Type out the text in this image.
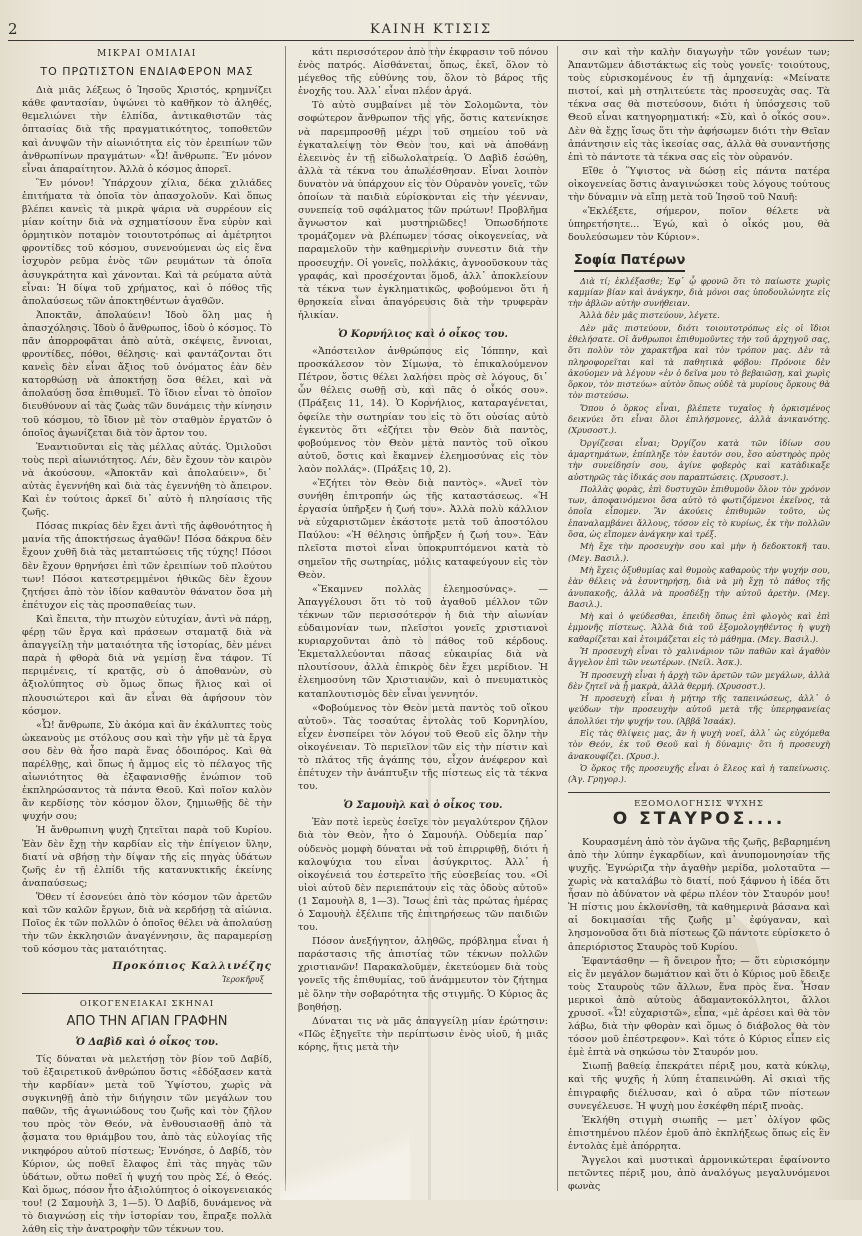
2	ΚΑΙΝΗ ΚΤΙΣΙΣ
ΜΙΚΡΑΙ ΟΜΙΛΙΑΙ
ΤΟ ΠΡΩΤΙΣΤΟΝ ΕΝΔΙΑΦΕΡΟΝ ΜΑΣ

Διὰ μιᾶς λέξεως ὁ Ἰησοῦς Χριστός, κρημνίζει κάθε φαντασίαν, ὑψώνει τὸ καθῆκον τὸ ἀληθές, θεμελιώνει τὴν ἐλπίδα, ἀντικαθιστῶν τὰς ὀπτασίας διὰ τῆς πραγματικότητος, τοποθετῶν καὶ ἀνυψῶν τὴν αἰωνιότητα εἰς τὸν ἐρειπίων τῶν ἀνθρωπίνων πραγμάτων· «Ὦ! ἄνθρωπε. Ἓν μόνον εἶναι ἀπαραίτητον. Ἀλλὰ ὁ κόσμος ἀπορεῖ.

Ἓν μόνον! Ὑπάρχουν χίλια, δέκα χιλιάδες ἐπιτήματα τὰ ὁποῖα τὸν ἀπασχολοῦν. Καὶ ὅπως βλέπει κανεὶς τὰ μικρὰ ψάρια νὰ συρρέουν εἰς μίαν κοίτην διὰ νὰ σχηματίσουν ἕνα εὐρὺν καὶ ὁρμητικὸν ποταμὸν τοιουτοτρόπως αἱ ἀμέτρητοι φροντίδες τοῦ κόσμου, συνενούμεναι ὡς εἰς ἕνα ἰσχυρὸν ρεῦμα ἑνὸς τῶν ρευμάτων τὰ ὁποῖα ἀσυγκράτητα καὶ χάνονται. Καὶ τὰ ρεύματα αὐτὰ εἶναι: Ἡ δίψα τοῦ χρήματος, καὶ ὁ πόθος τῆς ἀπολαύσεως τῶν ἀποκτηθέντων ἀγαθῶν.

Ἀποκτᾶν, ἀπολαύειν! Ἰδοὺ ὅλη μας ἡ ἀπασχόλησις. Ἰδοὺ ὁ ἄνθρωπος, ἰδοὺ ὁ κόσμος. Τὸ πᾶν ἀπορροφᾶται ἀπὸ αὐτὰ, σκέψεις, ἔννοιαι, φροντίδες, πόθοι, θέλησις· καὶ φαντάζονται ὅτι κανεὶς δὲν εἶναι ἄξιος τοῦ ὀνόματος ἐὰν δὲν κατορθώσῃ νὰ ἀποκτήσῃ ὅσα θέλει, καὶ νὰ ἀπολαύσῃ ὅσα ἐπιθυμεῖ. Τὸ ἴδιον εἶναι τὸ ὁποῖον διευθύνουν αἱ τὰς ζωὰς τῶν δυνάμεις τὴν κίνησιν τοῦ κόσμου, τὸ ἴδιον μὲ τὸν σταθμὸν ἐργατῶν ὁ ὁποῖος ἀγωνίζεται διὰ τὸν ἄρτον του.

Ἐναντιοῦνται εἰς τὰς μέλλας αὐτάς. Ὁμιλοῦσι τοὺς περὶ αἰωνιότητος. Λέν, δὲν ἔχουν τὸν καιρὸν νὰ ἀκούσουν. «Ἀποκτᾶν καὶ ἀπολαύειν», δι᾽ αὐτὰς ἐγεννήθη καὶ διὰ τὰς ἐγεννήθη τὸ ἄπειρον. Καὶ ἐν τούτοις ἀρκεῖ δι᾽ αὐτὸ ἡ πλησίασις τῆς ζωῆς.

Πόσας πικρίας δὲν ἔχει ἀντὶ τῆς ἀφθονότητος ἡ μανία τῆς ἀποκτήσεως ἀγαθῶν! Πόσα δάκρυα δὲν ἔχουν χυθῆ διὰ τὰς μεταπτώσεις τῆς τύχης! Πόσοι δὲν ἔχουν θρηνήσει ἐπὶ τῶν ἐρειπίων τοῦ πλούτου των! Πόσοι κατεστρεμμένοι ἠθικῶς δὲν ἔχουν ζητήσει ἀπὸ τὸν ἰδίον καθαυτὸν θάνατον ὅσα μὴ ἐπέτυχον εἰς τὰς προσπαθείας των.

Καὶ ἔπειτα, τὴν πτωχὸν εὐτυχίαν, ἀντὶ νὰ πάρῃ, φέρῃ τῶν ἔργα καὶ πράσεων σταματᾷ διὰ νὰ ἀπαγγείλῃ τὴν ματαιότητα τῆς ἱστορίας, δὲν μένει παρὰ ἡ φθορὰ διὰ νὰ γεμίσῃ ἕνα τάφον. Τί περιμένεις, τί κρατᾷς, σὺ ὁ ἀποθανὼν, σὺ ἀξιολύπητος σὺ ὅμως ὅπως ἥλιος καὶ οἱ πλουσιώτεροι καὶ ἂν εἶναι θὰ ἀφήσουν τὸν κόσμον.

«Ὦ! ἄνθρωπε, Σὺ ἀκόμα καὶ ἂν ἐκάλυπτες τοὺς ὠκεανοὺς με στόλους σου καὶ τὴν γῆν μὲ τὰ ἔργα σου δὲν θὰ ἦσο παρὰ ἕνας ὁδοιπόρος. Καὶ θὰ παρέλθῃς, καὶ ὅπως ἡ ἄμμος εἰς τὸ πέλαγος τῆς αἰωνιότητος θὰ ἐξαφανισθῇς ἐνώπιον τοῦ ἐκπληρώσαντος τὰ πάντα Θεοῦ. Καὶ ποῖον καλὸν ἂν κερδίσῃς τὸν κόσμον ὅλον, ζημιωθῇς δὲ τὴν ψυχήν σου;

Ἡ ἄνθρωπινη ψυχὴ ζητεῖται παρὰ τοῦ Κυρίου. Ἐὰν δὲν ἔχῃ τὴν καρδίαν εἰς τὴν ἐπίγειον ὕλην, διατί νὰ σβήσῃ τὴν δίψαν τῆς εἰς πηγὰς ὑδάτων ζωῆς ἐν τῇ ἐλπίδι τῆς κατανυκτικῆς ἐκείνης ἀναπαύσεως;

Ὅθεν τί ἐσονεύει ἀπὸ τὸν κόσμον τῶν ἀρετῶν καὶ τῶν καλῶν ἔργων, διὰ νὰ κερδήσῃ τὰ αἰώνια. Ποῖος ἐκ τῶν πολλῶν ὁ ὁποῖος θέλει νὰ ἀπολαύσῃ τὴν τῶν ἐκκλησιῶν ἀναγέννησιν, ἂς παραμερίσῃ τοῦ κόσμου τὰς ματαιότητας.

Προκόπιος Καλλινέζης
Ἱεροκῆρυξ
ΟΙΚΟΓΕΝΕΙΑΚΑΙ ΣΚΗΝΑΙ
ΑΠΟ ΤΗΝ ΑΓΙΑΝ ΓΡΑΦΗΝ
Ὁ Δαβὶδ καὶ ὁ οἶκος του.

Τίς δύναται νὰ μελετήσῃ τὸν βίον τοῦ Δαβίδ, τοῦ ἐξαιρετικοῦ ἀνθρώπου ὅστις «ἐδόξασεν κατὰ τὴν καρδίαν» μετὰ τοῦ Ὑψίστου, χωρὶς νὰ συγκινηθῇ ἀπὸ τὴν διήγησιν τῶν μεγάλων του παθῶν, τῆς ἀγωνιώδους του ζωῆς καὶ τὸν ζῆλον του πρὸς τὸν Θεόν, νὰ ἐνθουσιασθῇ ἀπὸ τὰ ᾄσματα του θριάμβου του, ἀπὸ τὰς εὐλογίας τῆς νικηφόρου αὐτοῦ πίστεως; Ἐννόησε, ὁ Δαβίδ, τὸν Κύριον, ὡς ποθεῖ ἔλαφος ἐπὶ τὰς πηγὰς τῶν ὑδάτων, οὕτω ποθεῖ ἡ ψυχή του πρὸς Σέ, ὁ Θεός. Καὶ ὅμως, πόσον ἦτο ἀξιολύπητος ὁ οἰκογενειακός του! (2 Σαμουὴλ 3, 1—5). Ὁ Δαβίδ, δυνάμενος νὰ τὸ διαγνώσῃ εἰς τὴν ἱστορίαν του, ἔπραξε πολλὰ λάθη εἰς τὴν ἀνατροφὴν τῶν τέκνων του.

κάτι περισσότερον ἀπὸ τὴν ἐκφρασιν τοῦ πόνου ἑνὸς πατρός. Αἰσθάνεται, ὅπως, ἐκεῖ, ὅλον τὸ μέγεθος τῆς εὐθύνης του, ὅλον τὸ βάρος τῆς ἐνοχῆς του. Ἀλλ᾽ εἶναι πλέον ἀργά.

Τὸ αὐτὸ συμβαίνει μὲ τὸν Σολομῶντα, τὸν σοφώτερον ἄνθρωπον τῆς γῆς, ὅστις κατενίκησε νὰ παρεμπροσθῇ μέχρι τοῦ σημείου τοῦ νὰ ἐγκαταλείψῃ τὸν Θεὸν του, καὶ νὰ ἀποθάνῃ ἐλεεινὸς ἐν τῇ εἰδωλολατρείᾳ. Ὁ Δαβὶδ ἐσώθη, ἀλλὰ τὰ τέκνα του ἀπωλέσθησαν. Εἶναι λοιπὸν δυνατὸν νὰ ὑπάρχουν εἰς τὸν Οὐρανὸν γονεῖς, τῶν ὁποίων τὰ παιδιὰ εὑρίσκονται εἰς τὴν γέενναν, συνεπείᾳ τοῦ σφάλματος τῶν πρώτων! Προβλῆμα ἄγνωστον καὶ μυστηριῶδες! Ὁπωσδήποτε τρομάζομεν νὰ βλέπωμεν τόσας οἰκογενείας, νὰ παραμελοῦν τὴν καθημερινὴν συνεστιν διὰ τὴν προσευχήν. Οἱ γονεῖς, πολλάκις, ἀγνοοῦσκουν τὰς γραφάς, καὶ προσέχονται ὅμοδ, ἀλλ᾽ ἀποκλείουν τὰ τέκνα των ἐγκληματικῶς, φοβούμενοι ὅτι ἡ θρησκεία εἶναι ἀπαγόρευσις διὰ τὴν τρυφερὰν ἡλικίαν.

Ὁ Κορνήλιος καὶ ὁ οἶκος του.

«Ἀπόστειλον ἀνθρώπους εἰς Ἰόππην, καὶ προσκάλεσον τὸν Σίμωνα, τὸ ἐπικαλούμενον Πέτρον, ὅστις θέλει λαλήσει πρὸς σὲ λόγους, δι᾽ ὧν θέλεις σωθῇ σὺ, καὶ πᾶς ὁ οἶκός σου». (Πράξεις 11, 14). Ὁ Κορνήλιος, καταραγένεται, ὀφείλε τὴν σωτηρίαν του εἰς τὸ ὅτι οὐσίας αὐτὸ ἐγκεντὸς ὅτι «ἐζήτει τὸν Θεὸν διὰ παντὸς, φοβούμενος τὸν Θεὸν μετὰ παντὸς τοῦ οἴκου αὐτοῦ, ὅστις καὶ ἔκαμνεν ἐλεημοσύνας εἰς τὸν λαὸν πολλάς». (Πράξεις 10, 2).

«Ἐζήτει τὸν Θεὸν διὰ παντὸς». «Ἀνεῖ τὸν συνήθη ἐπιτροπήν ὡς τῆς καταστάσεως. «Ἡ ἐργασία ὑπῆρξεν ἡ ζωή του». Ἀλλὰ πολὺ κάλλιον νὰ εὐχαριστῶμεν ἐκάστοτε μετὰ τοῦ ἀποστόλου Παύλου: «Ἡ θέλησις ὑπῆρξεν ἡ ζωή του». Ἐὰν πλεῖστα πιστοὶ εἶναι ὑποκρυπτόμενοι κατὰ τὸ σημεῖον τῆς σωτηρίας, μόλις καταφεύγουν εἰς τὸν Θεὸν.

«Ἔκαμνεν πολλὰς ἐλεημοσύνας». — Ἀπαγγέλουσι ὅτι τὸ τοῦ ἀγαθοῦ μέλλον τῶν τέκνων τῶν περισσότερον ἡ διὰ τὴν αἰωνίαν εὐδαιμονίαν των, πλεῖστοι γονεῖς χριστιανοὶ κυριαρχοῦνται ἀπὸ τὸ πάθος τοῦ κέρδους. Ἐκμεταλλεύονται πᾶσας εὐκαιρίας διὰ νὰ πλουτίσουν, ἀλλὰ ἐπικρὸς δὲν ἔχει μερίδιον. Ἡ ἐλεημοσύνη τῶν Χριστιανῶν, καὶ ὁ πνευματικὸς καταπλουτισμὸς δὲν εἶναι γεννητόν.

«Φοβούμενος τὸν Θεὸν μετὰ παντὸς τοῦ οἴκου αὐτοῦ». Τὰς τοσαύτας ἐντολὰς τοῦ Κορνηλίου, εἶχεν ἐνσπείρει τὸν λόγον τοῦ Θεοῦ εἰς ὅλην τὴν οἰκογένειαν. Τὸ περιεῖλον τῶν εἰς τὴν πίστιν καὶ τὸ πλάτος τῆς ἀγάπης του, εἶχον ἀνέφερον καὶ ἐπέτυχεν τὴν ἀνάπτυξιν τῆς πίστεως εἰς τὰ τέκνα του.

Ὁ Σαμουὴλ καὶ ὁ οἶκος του.

Ἐὰν ποτὲ ἱερεὺς ἐσεῖχε τὸν μεγαλύτερον ζῆλον διὰ τὸν Θεὸν, ἦτο ὁ Σαμουήλ. Οὐδεμία παρ᾽ οὐδενὸς μομφὴ δύναται νὰ τοῦ ἐπιρριφθῇ, διότι ἡ καλοψύχια του εἶναι ἀσύγκριτος. Ἀλλ᾽ ἡ οἰκογένειά του ἐστερεῖτο τῆς εὐσεβείας του. «Οἱ υἱοὶ αὐτοῦ δὲν περιεπάτουν εἰς τὰς ὁδοὺς αὐτοῦ» (1 Σαμουὴλ 8, 1—3). Ἴσως ἐπὶ τὰς πρώτας ἡμέρας ὁ Σαμουὴλ ἐξέλιπε τῆς ἐπιτηρήσεως τῶν παιδιῶν του.

Πόσον ἀνεξήγητον, ἀληθῶς, πρόβλημα εἶναι ἡ παράστασις τῆς ἀπιστίας τῶν τέκνων πολλῶν χριστιανῶν! Παρακαλοῦμεν, ἐκετεύομεν διὰ τοὺς γονεῖς τῆς ἐπιθυμίας, τοῦ ἀνάμμευτον τὸν ζήτημα μὲ ὅλην τὴν σοβαρότητα τῆς στιγμῆς. Ὁ Κύριος ἂς βοηθήσῃ.

Δύναται τις νὰ μᾶς ἀπαγγείλῃ μίαν ἐρώτησιν: «Πῶς ἐξηγεῖτε τὴν περίπτωσιν ἐνὸς υἱοῦ, ἡ μιᾶς κόρης, ἥτις μετὰ τὴν

σιν καὶ τὴν καλὴν διαγωγὴν τῶν γονέων των; Ἀπαντῶμεν ἀδιστάκτως εἰς τοὺς γονεῖς· τοιούτους, τοὺς εὑρισκομένους ἐν τῇ ἀμηχανίᾳ: «Μείνατε πιστοί, καὶ μὴ στηλιτεύετε τὰς προσευχὰς σας. Τὰ τέκνα σας θὰ πιστεύσουν, διότι ἡ ὑπόσχεσις τοῦ Θεοῦ εἶναι κατηγορηματική: «Σὺ, καὶ ὁ οἶκός σου». Δὲν θὰ ἔχῃς ἴσως ὅτι τὴν ἀφήσωμεν διότι τὴν Θεῖαν ἀπάντησιν εἰς τὰς ἱκεσίας σας, ἀλλὰ θὰ συναντήσῃς ἐπὶ τὸ πάντοτε τὰ τέκνα σας εἰς τὸν οὐρανόν.

Εἴθε ὁ Ὕψιστος νὰ δώσῃ εἰς πάντα πατέρα οἰκογενείας ὅστις ἀναγινώσκει τοὺς λόγους τούτους τὴν δύναμιν νὰ εἴπῃ μετὰ τοῦ Ἰησοῦ τοῦ Ναυῆ:

«Ἐκλέξετε, σήμερον, ποῖον θέλετε νὰ ὑπηρετήσητε... Ἐγώ, καὶ ὁ οἶκός μου, θὰ δουλεύσωμεν τὸν Κύριον».

Σοφία Πατέρων

Διὰ τί; ἐκλέξασθε; Ἐφ᾽ ᾧ φρονῶ ὅτι τὸ παίωστε χωρὶς καμμίαν βίαν καὶ ἀνάγκην, διὰ μόνοι σας ὑποδουλώνητε εἰς τὴν ἁβλῶν αὐτὴν συνήθειαν.

Ἀλλὰ δὲν μᾶς πιστεύουν, λέγετε.

Δὲν μᾶς πιστεύουν, διότι τοιουτοτρόπως εἰς οἱ ἴδιοι ἐθελήσατε. Οἱ ἄνθρωποι ἐπιθυμοῦντες τὴν τοῦ ἀρχηγοῦ σας, ὅτι πολὺν τὸν χαρακτῆρα καὶ τὸν τρόπον μας. Δὲν τὰ πληροφορεῖται καὶ τὰ παθητικὰ φόβου: Πρόνοιε δὲν ἀκούομεν νὰ λέγουν «ἐν ὁ δεῖνα μου τὸ βεβαιῶσῃ, καὶ χωρὶς ὅρκον, τὸν πιστεύω» αὐτὸν ὅπως οὐδὲ τὰ μυρίους ὅρκους θὰ τὸν πιστεύσω.

Ὅπου ὁ ὅρκος εἶναι, βλέπετε τυχαῖος ἡ ὁρκισμένος δεικνύει ὅτι εἶναι ὅλοι ἐπιλήσμονες, ἀλλὰ ἀνικανότης. (Χρυσοστ.).

Ὀργίζεσαι εἶναι; Ὀργίζου κατὰ τῶν ἰδίων σου ἁμαρτημάτων, ἐπίπληξε τὸν ἑαυτόν σου, ἔσο αὐστηρὸς πρὸς τὴν συνείδησίν σου, ἀγίνε φοβερὸς καὶ κατὰδικαξε αὐστηρῶς τὰς ἰδικάς σου παραπτώσεις. (Χρυσοστ.).

Πολλὰς φορὰς, ἐπὶ δυστυχῶν ἐπιθυμοῦν ὅλον τὸν χρόνον των, ἀποφαινόμενοι ὅσα αὐτὸ τὸ φωτιζόμενοι ἐκεῖνος, τὰ ὁποῖα εἶπομεν. Ἂν ἀκούεις ἐπιθυμῶν τοῦτο, ὡς ἐπαναλαμβάνει ἄλλους, τόσον εἰς τὸ κυρίως, ἐκ τὴν πολλῶν ὅσα, ὡς εἴπομεν ἀνάγκην καὶ τρέξ.

Μὴ ἔχε τὴν προσευχὴν σου καὶ μὴν ἡ δεδοκτοκῆ ταυ. (Μεγ. Βασιλ.).

Μὴ ἔχεις ὀξυθυμίας καὶ θυμοὺς καθαροὺς τὴν ψυχήν σου, ἐὰν θέλεις νὰ ἐσυντηρήσῃ, διὰ νὰ μὴ ἔχῃ τὸ πάθος τῆς ἀνυπακοῆς, ἀλλὰ νὰ προσδέξῃ τὴν αὐτοῦ ἀρετὴν. (Μεγ. Βασιλ.).

Μὴ καὶ ὁ ψεύδεσθαι, ἐπειδὴ ὅπως ἐπὶ φλογὸς καὶ ἐπὶ ἐμμονῆς πίστεως. Ἀλλὰ διὰ τοῦ ἐξομολογηθέντος ἡ ψυχὴ καθαρίζεται καὶ ἑτοιμάζεται εἰς τὸ μάθημα. (Μεγ. Βασιλ.).

Ἡ προσευχὴ εἶναι τὸ χαλινάριον τῶν παθῶν καὶ ἀγαθὸν ἄγγελον ἐπὶ τῶν νεωτέρων. (Νείλ. Ἀσκ.).

Ἡ προσευχὴ εἶναι ἡ ἀρχὴ τῶν ἀρετῶν τῶν μεγάλων, ἀλλὰ δὲν ζητεῖ νὰ ᾖ μακρὰ, ἀλλὰ θερμή. (Χρυσοστ.).

Ἡ προσευχὴ εἶναι ἡ μήτηρ τῆς ταπεινώσεως, ἀλλ᾽ ὁ ψεύδων τὴν προσευχὴν αὐτοῦ μετὰ τῆς ὑπερηφανείας ἀπολλύει τὴν ψυχήν του. (Ἀββᾶ Ἰσαάκ).

Εἰς τὰς θλίψεις μας, ἂν ἡ ψυχὴ νοεῖ, ἀλλ᾽ ὡς εὐχόμεθα τὸν Θεόν, ἐκ τοῦ Θεοῦ καὶ ἡ δύναμις· ὅτι ἡ προσευχὴ ἀνακουφίζει. (Χρυσ.).

Ὁ ὅρκος τῆς προσευχῆς εἶναι ὁ ἔλεος καὶ ἡ ταπείνωσις. (Ἀγ. Γρηγορ.).

ΕΞΟΜΟΛΟΓΗΣΙΣ ΨΥΧΗΣ
Ο ΣΤΑΥΡΟΣ....

Κουρασμένη ἀπὸ τὸν ἀγῶνα τῆς ζωῆς, βεβαρημένη ἀπὸ τὴν λύπην ἐγκαρδίων, καὶ ἀνυπομονησίαν τῆς ψυχῆς. Ἐγνώριζα τὴν ἀγαθὴν μερίδα, μολοταῦτα — χωρὶς νὰ καταλάβω τὸ διατί, πού ξάφνου ἡ ἰδέα ὅτι ἦσαν πὸ ἀδύνατον νὰ φέρω πλέον τὸν Σταυρόν μου! Ἡ πίστις μου ἐκλονίσθη, τὰ καθημερινὰ βάσανα καὶ αἱ δοκιμασίαι τῆς ζωῆς μ᾽ ἐφύγαναν, καὶ λησμονοῦσα ὅτι διὰ πίστεως ζῶ πάντοτε εὑρίσκετο ὁ ἀπεριόριστος Σταυρὸς τοῦ Κυρίου.

Ἐφαντάσθην — ἢ ὄνειρον ἦτο; — ὅτι εὑρισκόμην εἰς ἕν μεγάλον δωμάτιον καὶ ὅτι ὁ Κύριος μοῦ ἔδειξε τοὺς Σταυροὺς τῶν ἄλλων, ἕνα πρὸς ἕνα. Ἦσαν μερικοὶ ἀπὸ αὐτοὺς ἀδαμαντοκόλλητοι, ἄλλοι χρυσοῖ. «Ὦ! εὐχαριστῶ», εἶπα, «μὲ ἀρέσει καὶ θὰ τὸν λάβω, διὰ τὴν φθορὰν καὶ ὅμως ὁ διάβολος θὰ τὸν τόσον μοῦ ἐπέστρεφον». Καὶ τότε ὁ Κύριος εἶπεν εἰς ἐμὲ ἑπτὰ νὰ σηκώσω τὸν Σταυρόν μου.

Σιωπῇ βαθείᾳ ἐπεκράτει πέριξ μου, κατὰ κύκλῳ, καὶ τῆς ψυχῆς ἡ λύπη ἐταπεινώθη. Αἱ σκιαὶ τῆς ἐπιγραφῆς διέλυσαν, καὶ ὁ αὔρα τῶν πίστεων συνεγέλευσε. Ἡ ψυχὴ μου ἐσκέφθη πέριξ πνοὰς.

Ἐκλήθη στιγμὴ σιωπῆς — μετ᾽ ὀλίγον φῶς ἐπιστημένου πλέον ἐμοῦ ἀπὸ ἐκπλήξεως ὅπως εἰς ἓν ἐντολὰς ἐμὲ ἀπόρρητα.

Ἄγγελοι καὶ μυστικαὶ ἀρμονικώτεραι ἐφαίνοντο πετῶντες πέριξ μου, ἀπὸ ἀναλόγως μεγαλυνόμενοι φωνὰς
